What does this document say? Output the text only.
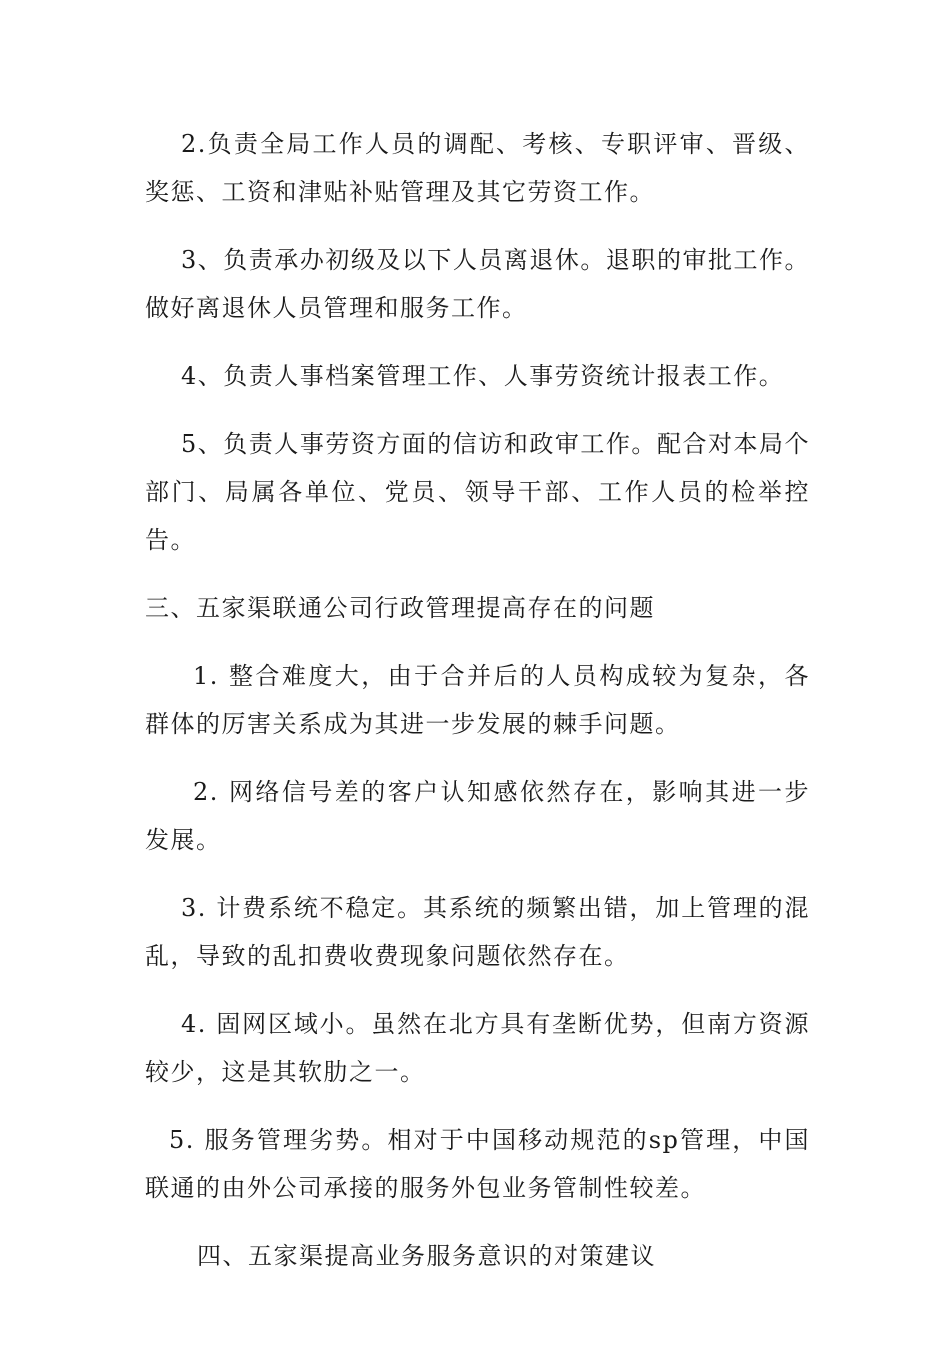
2.负责全局工作人员的调配、考核、专职评审、晋级、奖惩、工资和津贴补贴管理及其它劳资工作。

3、负责承办初级及以下人员离退休。退职的审批工作。做好离退休人员管理和服务工作。

4、负责人事档案管理工作、人事劳资统计报表工作。

5、负责人事劳资方面的信访和政审工作。配合对本局个部门、局属各单位、党员、领导干部、工作人员的检举控告。

三、五家渠联通公司行政管理提高存在的问题

1. 整合难度大，由于合并后的人员构成较为复杂，各群体的厉害关系成为其进一步发展的棘手问题。

2. 网络信号差的客户认知感依然存在，影响其进一步发展。

3. 计费系统不稳定。其系统的频繁出错，加上管理的混乱，导致的乱扣费收费现象问题依然存在。

4. 固网区域小。虽然在北方具有垄断优势，但南方资源较少，这是其软肋之一。

5. 服务管理劣势。相对于中国移动规范的sp管理，中国联通的由外公司承接的服务外包业务管制性较差。

四、五家渠提高业务服务意识的对策建议
